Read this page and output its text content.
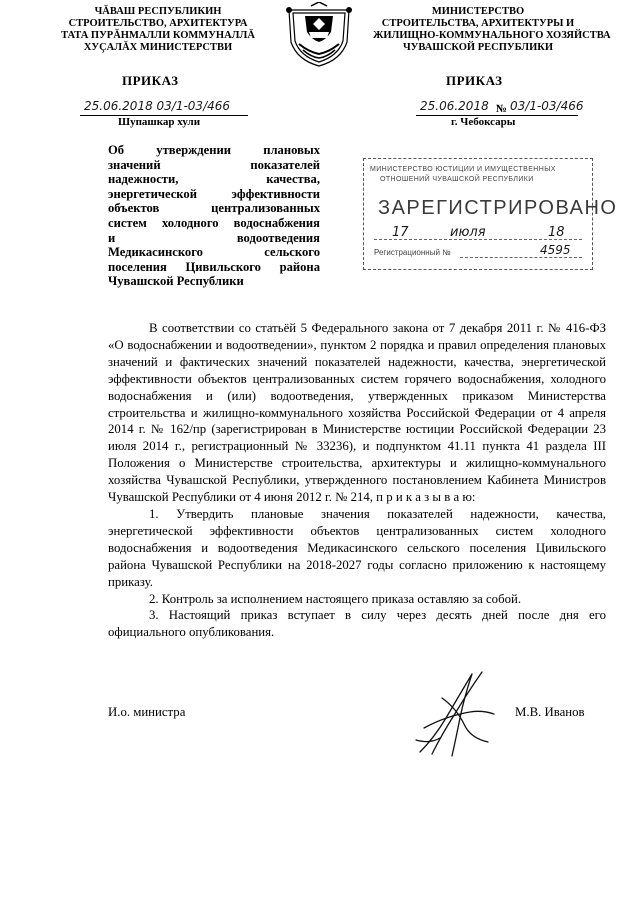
ЧĂВАШ РЕСПУБЛИКИН
СТРОИТЕЛЬСТВО, АРХИТЕКТУРА
ТАТА ПУРĂНМАЛЛИ КОММУНАЛЛĂ
ХУÇАЛĂХ МИНИСТЕРСТВИ
МИНИСТЕРСТВО
СТРОИТЕЛЬСТВА, АРХИТЕКТУРЫ И
ЖИЛИЩНО-КОММУНАЛЬНОГО ХОЗЯЙСТВА
ЧУВАШСКОЙ РЕСПУБЛИКИ
ПРИКАЗ	ПРИКАЗ
25.06.2018 03/1-03/466	25.06.2018 № 03/1-03/466
Шупашкар хули	г. Чебоксары

Об утверждении плановых

значений показателей

надежности, качества,

энергетической эффективности

объектов централизованных

систем холодного водоснабжения

и водоотведения

Медикасинского сельского

поселения Цивильского района

Чувашской Республики

МИНИСТЕРСТВО ЮСТИЦИИ И ИМУЩЕСТВЕННЫХ
ОТНОШЕНИЙ ЧУВАШСКОЙ РЕСПУБЛИКИ
ЗАРЕГИСТРИРОВАНО
17	июля	18
Регистрационный №	4595

В соответствии со статьёй 5 Федерального закона от 7 декабря 2011 г. № 416-ФЗ «О водоснабжении и водоотведении», пунктом 2 порядка и правил определения плановых значений и фактических значений показателей надежности, качества, энергетической эффективности объектов централизованных систем горячего водоснабжения, холодного водоснабжения и (или) водоотведения, утвержденных приказом Министерства строительства и жилищно-коммунального хозяйства Российской Федерации от 4 апреля 2014 г. № 162/пр (зарегистрирован в Министерстве юстиции Российской Федерации 23 июля 2014 г., регистрационный № 33236), и подпунктом 41.11 пункта 41 раздела III Положения о Министерстве строительства, архитектуры и жилищно-коммунального хозяйства Чувашской Республики, утвержденного постановлением Кабинета Министров Чувашской Республики от 4 июня 2012 г. № 214, п р и к а з ы в а ю:

1. Утвердить плановые значения показателей надежности, качества, энергетической эффективности объектов централизованных систем холодного водоснабжения и водоотведения Медикасинского сельского поселения Цивильского района Чувашской Республики на 2018-2027 годы согласно приложению к настоящему приказу.

2. Контроль за исполнением настоящего приказа оставляю за собой.

3. Настоящий приказ вступает в силу через десять дней после дня его официального опубликования.

И.о. министра	М.В. Иванов
